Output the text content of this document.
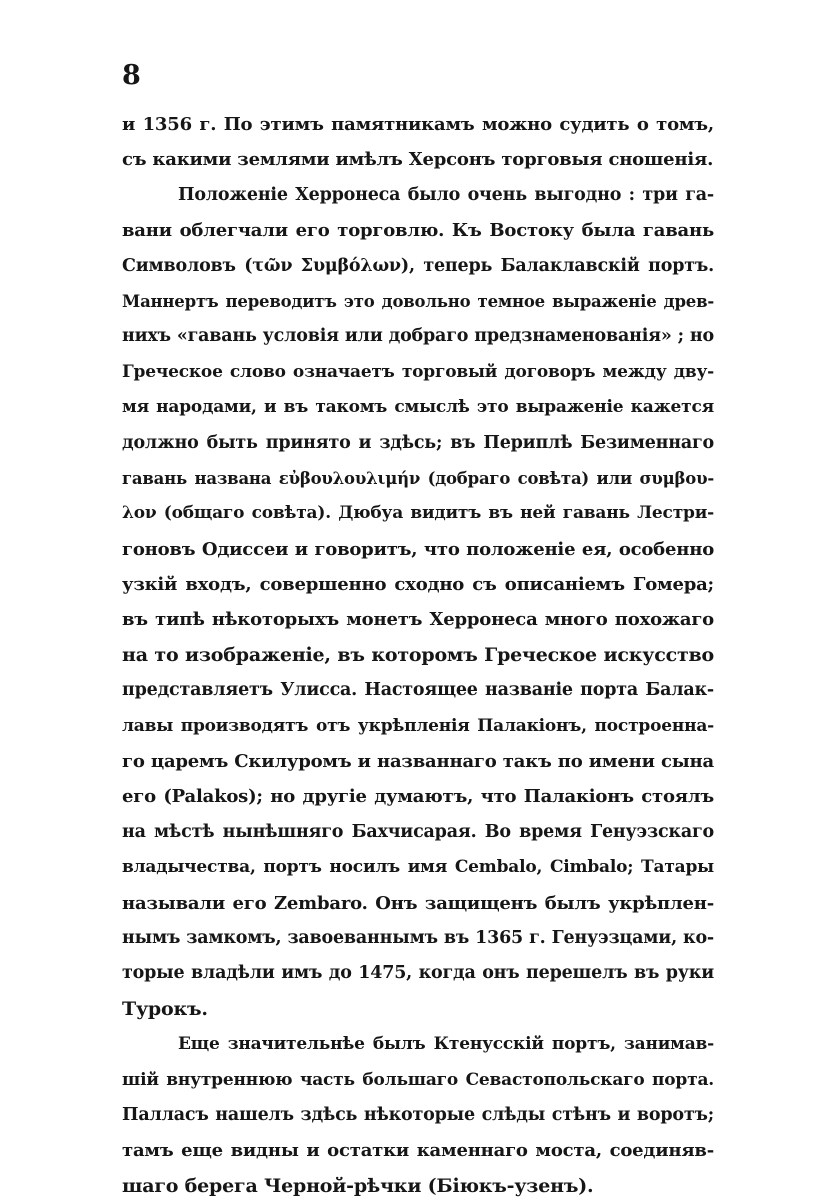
8
и 1356 г. По этимъ памятникамъ можно судить о томъ,
съ какими землями имѣлъ Херсонъ торговыя сношенія.
Положеніе Херронеса было очень выгодно : три га-
вани облегчали его торговлю. Къ Востоку была гавань
Символовъ (τῶν Συμβόλων), теперь Балаклавскій портъ.
Маннертъ переводитъ это довольно темное выраженіе древ-
нихъ «гавань условія или добраго предзнаменованія» ; но
Греческое слово означаетъ торговый договоръ между дву-
мя народами, и въ такомъ смыслѣ это выраженіе кажется
должно быть принято и здѣсь; въ Периплѣ Безименнаго
гавань названа εὐβουλουλιμήν (добраго совѣта) или συμβου-
λον (общаго совѣта). Дюбуа видитъ въ ней гавань Лестри-
гоновъ Одиссеи и говоритъ, что положеніе ея, особенно
узкій входъ, совершенно сходно съ описаніемъ Гомера;
въ типѣ нѣкоторыхъ монетъ Херронеса много похожаго
на то изображеніе, въ которомъ Греческое искусство
представляетъ Улисса. Настоящее названіе порта Балак-
лавы производятъ отъ укрѣпленія Палакіонъ, построеннa-
го царемъ Скилуромъ и названнаго такъ по имени сына
его (Palakos); но другіе думаютъ, что Палакіонъ стоялъ
на мѣстѣ нынѣшняго Бахчисарая. Во время Генуэзскаго
владычества, портъ носилъ имя Cembalo, Cimbalo; Татары
называли его Zembaro. Онъ защищенъ былъ укрѣплен-
нымъ замкомъ, завоеваннымъ въ 1365 г. Генуэзцами, ко-
торые владѣли имъ до 1475, когда онъ перешелъ въ руки
Турокъ.
Еще значительнѣе былъ Ктенусскій портъ, занимав-
шій внутреннюю часть большаго Севастопольскаго порта.
Палласъ нашелъ здѣсь нѣкоторые слѣды стѣнъ и воротъ;
тамъ еще видны и остатки каменнаго моста, соединяв-
шаго берега Черной-рѣчки (Біюкъ-узенъ).
